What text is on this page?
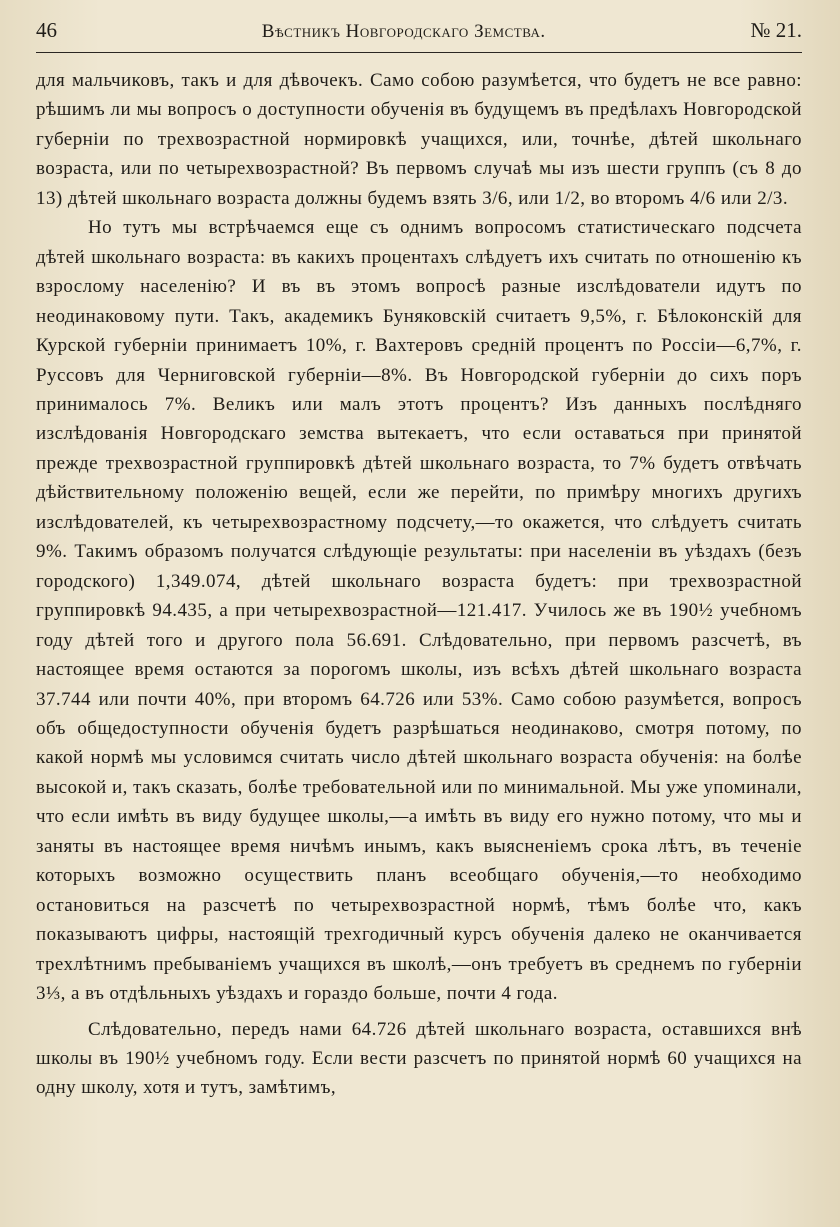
46	Вѣстникъ Новгородскаго Земства.	№ 21.

для мальчиковъ, такъ и для дѣвочекъ. Само собою разумѣется, что будетъ не все равно: рѣшимъ ли мы вопросъ о доступности обученія въ будущемъ въ предѣлахъ Новгородской губерніи по трехвозрастной нормировкѣ учащихся, или, точнѣе, дѣтей школьнаго возраста, или по четырехвозрастной? Въ первомъ случаѣ мы изъ шести группъ (съ 8 до 13) дѣтей школьнаго возраста должны будемъ взять 3/6, или 1/2, во второмъ 4/6 или 2/3.

Но тутъ мы встрѣчаемся еще съ однимъ вопросомъ статистическаго подсчета дѣтей школьнаго возраста: въ какихъ процентахъ слѣдуетъ ихъ считать по отношенію къ взрослому населенію? И въ въ этомъ вопросѣ разные изслѣдователи идутъ по неодинаковому пути. Такъ, академикъ Буняковскій считаетъ 9,5%, г. Бѣлоконскій для Курской губерніи принимаетъ 10%, г. Вахтеровъ средній процентъ по Россіи—6,7%, г. Руссовъ для Черниговской губерніи—8%. Въ Новгородской губерніи до сихъ поръ принималось 7%. Великъ или малъ этотъ процентъ? Изъ данныхъ послѣдняго изслѣдованія Новгородскаго земства вытекаетъ, что если оставаться при принятой прежде трехвозрастной группировкѣ дѣтей школьнаго возраста, то 7% будетъ отвѣчать дѣйствительному положенію вещей, если же перейти, по примѣру многихъ другихъ изслѣдователей, къ четырехвозрастному подсчету,—то окажется, что слѣдуетъ считать 9%. Такимъ образомъ получатся слѣдующіе результаты: при населеніи въ уѣздахъ (безъ городского) 1,349.074, дѣтей школьнаго возраста будетъ: при трехвозрастной группировкѣ 94.435, а при четырехвозрастной—121.417. Училось же въ 190½ учебномъ году дѣтей того и другого пола 56.691. Слѣдовательно, при первомъ разсчетѣ, въ настоящее время остаются за порогомъ школы, изъ всѣхъ дѣтей школьнаго возраста 37.744 или почти 40%, при второмъ 64.726 или 53%. Само собою разумѣется, вопросъ объ общедоступности обученія будетъ разрѣшаться неодинаково, смотря потому, по какой нормѣ мы условимся считать число дѣтей школьнаго возраста обученія: на болѣе высокой и, такъ сказать, болѣе требовательной или по минимальной. Мы уже упоминали, что если имѣть въ виду будущее школы,—а имѣть въ виду его нужно потому, что мы и заняты въ настоящее время ничѣмъ инымъ, какъ выясненіемъ срока лѣтъ, въ теченіе которыхъ возможно осуществить планъ всеобщаго обученія,—то необходимо остановиться на разсчетѣ по четырехвозрастной нормѣ, тѣмъ болѣе что, какъ показываютъ цифры, настоящій трехгодичный курсъ обученія далеко не оканчивается трехлѣтнимъ пребываніемъ учащихся въ школѣ,—онъ требуетъ въ среднемъ по губерніи 3⅓, а въ отдѣльныхъ уѣздахъ и гораздо больше, почти 4 года.

Слѣдовательно, передъ нами 64.726 дѣтей школьнаго возраста, оставшихся внѣ школы въ 190½ учебномъ году. Если вести разсчетъ по принятой нормѣ 60 учащихся на одну школу, хотя и тутъ, замѣтимъ,
